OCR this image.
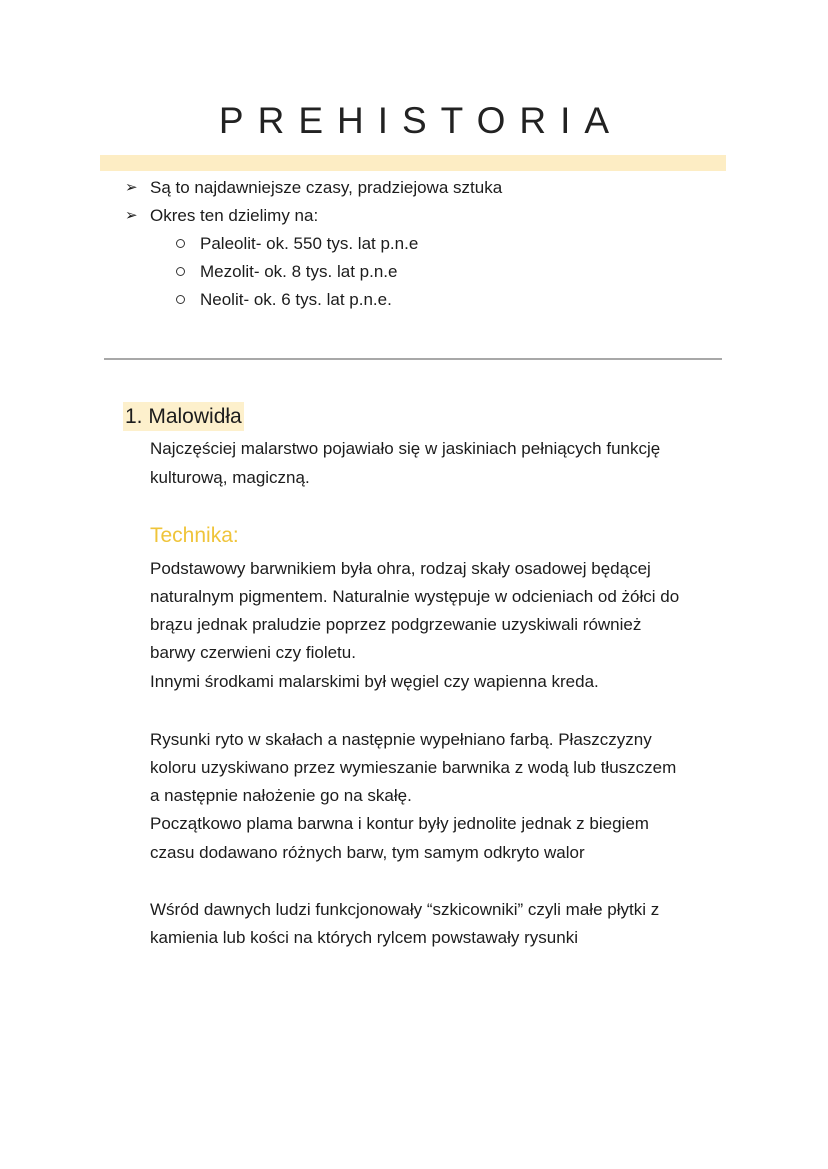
PREHISTORIA
➢ Są to najdawniejsze czasy, pradziejowa sztuka
➢ Okres ten dzielimy na:
Paleolit- ok. 550 tys. lat p.n.e
Mezolit- ok. 8 tys. lat p.n.e
Neolit- ok. 6 tys. lat p.n.e.
1. Malowidła
Najczęściej malarstwo pojawiało się w jaskiniach pełniących funkcję
kulturową, magiczną.
Technika:
Podstawowy barwnikiem była ohra, rodzaj skały osadowej będącej
naturalnym pigmentem. Naturalnie występuje w odcieniach od żółci do
brązu jednak praludzie poprzez podgrzewanie uzyskiwali również
barwy czerwieni czy fioletu.
Innymi środkami malarskimi był węgiel czy wapienna kreda.
Rysunki ryto w skałach a następnie wypełniano farbą. Płaszczyzny
koloru uzyskiwano przez wymieszanie barwnika z wodą lub tłuszczem
a następnie nałożenie go na skałę.
Początkowo plama barwna i kontur były jednolite jednak z biegiem
czasu dodawano różnych barw, tym samym odkryto walor
Wśród dawnych ludzi funkcjonowały “szkicowniki” czyli małe płytki z
kamienia lub kości na których rylcem powstawały rysunki
